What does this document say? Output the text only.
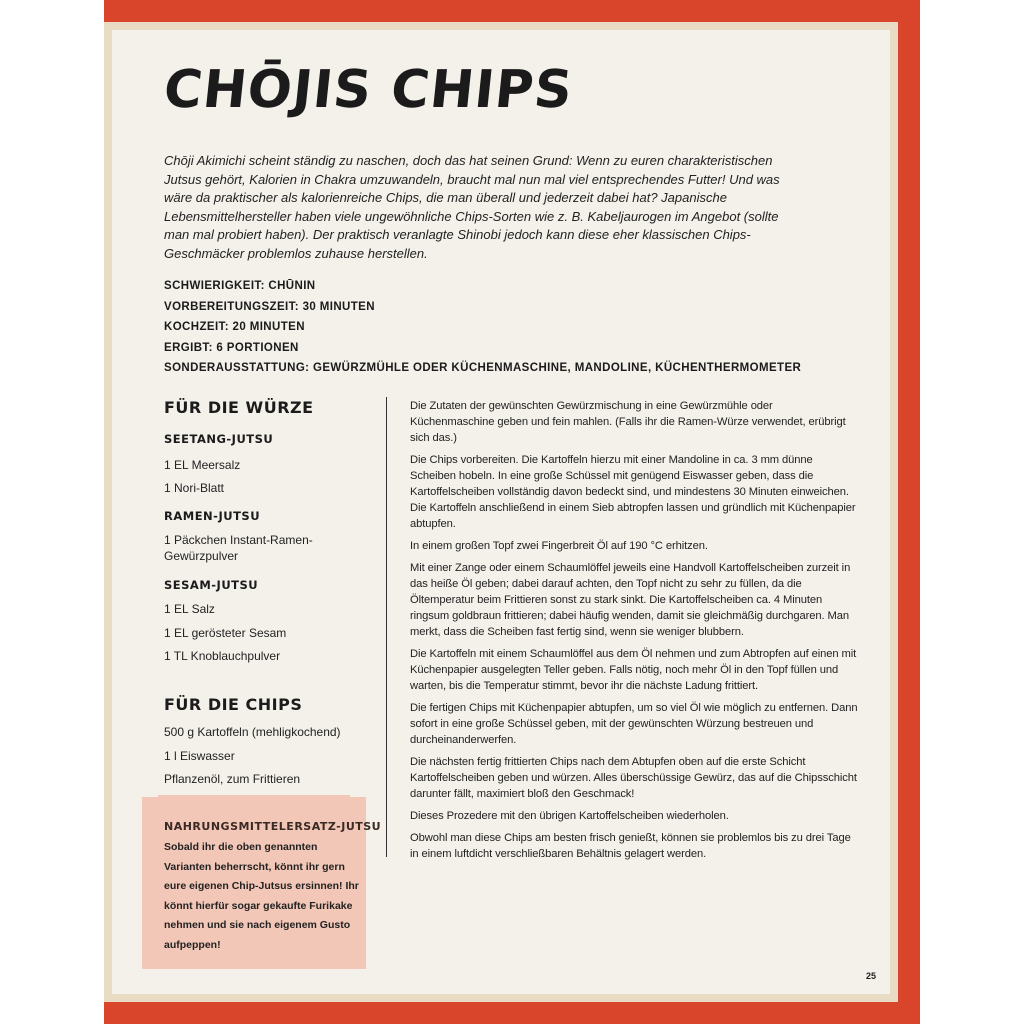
CHŌJIS CHIPS

Chōji Akimichi scheint ständig zu naschen, doch das hat seinen Grund: Wenn zu euren charakteristischen Jutsus gehört, Kalorien in Chakra umzuwandeln, braucht mal nun mal viel entsprechendes Futter! Und was wäre da praktischer als kalorienreiche Chips, die man überall und jederzeit dabei hat? Japanische Lebensmittelhersteller haben viele ungewöhnliche Chips-Sorten wie z. B. Kabeljaurogen im Angebot (sollte man mal probiert haben). Der praktisch veranlagte Shinobi jedoch kann diese eher klassischen Chips-Geschmäcker problemlos zuhause herstellen.

SCHWIERIGKEIT: CHŪNIN
VORBEREITUNGSZEIT: 30 MINUTEN
KOCHZEIT: 20 MINUTEN
ERGIBT: 6 PORTIONEN
SONDERAUSSTATTUNG: GEWÜRZMÜHLE ODER KÜCHENMASCHINE, MANDOLINE, KÜCHENTHERMOMETER
FÜR DIE WÜRZE
SEETANG-JUTSU
1 EL Meersalz
1 Nori-Blatt
RAMEN-JUTSU
1 Päckchen Instant-Ramen-Gewürzpulver
SESAM-JUTSU
1 EL Salz
1 EL gerösteter Sesam
1 TL Knoblauchpulver
FÜR DIE CHIPS
500 g Kartoffeln (mehligkochend)
1 l Eiswasser
Pflanzenöl, zum Frittieren

Die Zutaten der gewünschten Gewürzmischung in eine Gewürzmühle oder Küchenmaschine geben und fein mahlen. (Falls ihr die Ramen-Würze verwendet, erübrigt sich das.)

Die Chips vorbereiten. Die Kartoffeln hierzu mit einer Mandoline in ca. 3 mm dünne Scheiben hobeln. In eine große Schüssel mit genügend Eiswasser geben, dass die Kartoffelscheiben vollständig davon bedeckt sind, und mindestens 30 Minuten einweichen. Die Kartoffeln anschließend in einem Sieb abtropfen lassen und gründlich mit Küchenpapier abtupfen.

In einem großen Topf zwei Fingerbreit Öl auf 190 °C erhitzen.

Mit einer Zange oder einem Schaumlöffel jeweils eine Handvoll Kartoffelscheiben zurzeit in das heiße Öl geben; dabei darauf achten, den Topf nicht zu sehr zu füllen, da die Öltemperatur beim Frittieren sonst zu stark sinkt. Die Kartoffelscheiben ca. 4 Minuten ringsum goldbraun frittieren; dabei häufig wenden, damit sie gleichmäßig durchgaren. Man merkt, dass die Scheiben fast fertig sind, wenn sie weniger blubbern.

Die Kartoffeln mit einem Schaumlöffel aus dem Öl nehmen und zum Abtropfen auf einen mit Küchenpapier ausgelegten Teller geben. Falls nötig, noch mehr Öl in den Topf füllen und warten, bis die Temperatur stimmt, bevor ihr die nächste Ladung frittiert.

Die fertigen Chips mit Küchenpapier abtupfen, um so viel Öl wie möglich zu entfernen. Dann sofort in eine große Schüssel geben, mit der gewünschten Würzung bestreuen und durcheinanderwerfen.

Die nächsten fertig frittierten Chips nach dem Abtupfen oben auf die erste Schicht Kartoffelscheiben geben und würzen. Alles überschüssige Gewürz, das auf die Chipsschicht darunter fällt, maximiert bloß den Geschmack!

Dieses Prozedere mit den übrigen Kartoffelscheiben wiederholen.

Obwohl man diese Chips am besten frisch genießt, können sie problemlos bis zu drei Tage in einem luftdicht verschließbaren Behältnis gelagert werden.

NAHRUNGSMITTELERSATZ-JUTSU

Sobald ihr die oben genannten Varianten beherrscht, könnt ihr gern eure eigenen Chip-Jutsus ersinnen! Ihr könnt hierfür sogar gekaufte Furikake nehmen und sie nach eigenem Gusto aufpeppen!

25
